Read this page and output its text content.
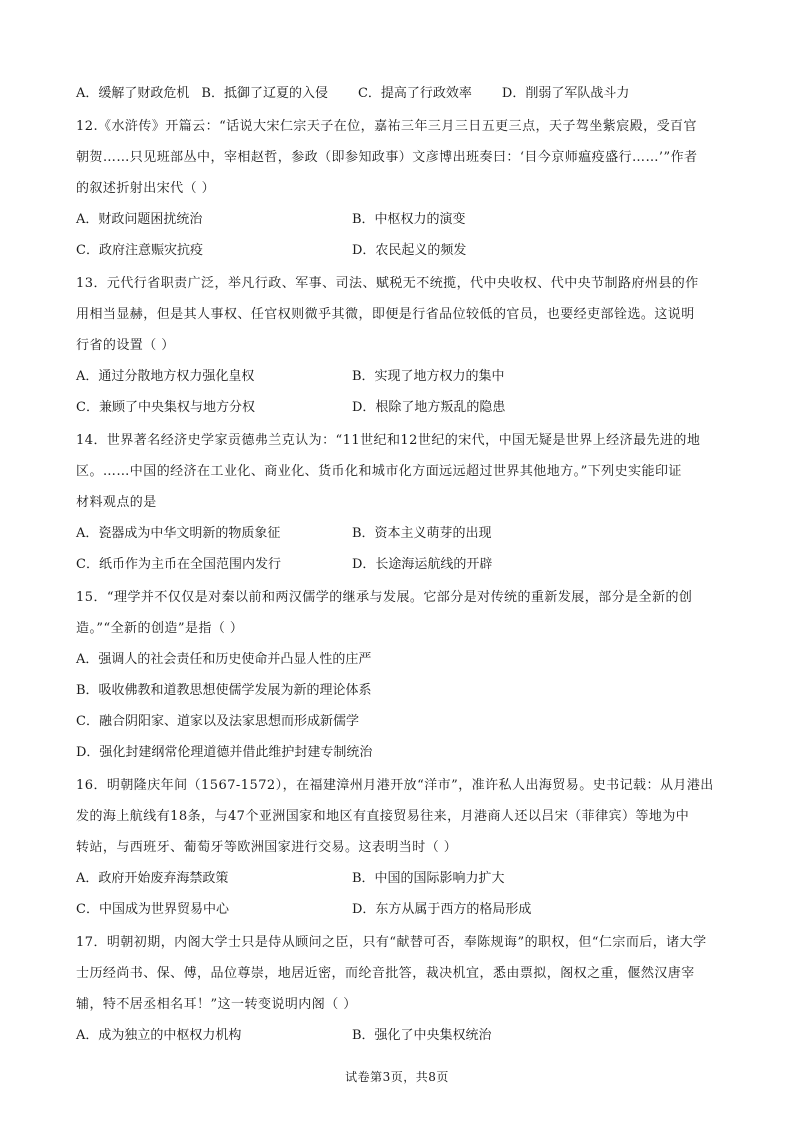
A．缓解了财政危机 B．抵御了辽夏的入侵 C．提高了行政效率 D．削弱了军队战斗力

12.《水浒传》开篇云：“话说大宋仁宗天子在位，嘉祐三年三月三日五更三点，天子驾坐紫宸殿，受百官

朝贺……只见班部丛中，宰相赵哲，参政（即参知政事）文彦博出班奏曰：‘目今京师瘟疫盛行……’”作者

的叙述折射出宋代（ ）

A．财政问题困扰统治	B．中枢权力的演变
C．政府注意赈灾抗疫	D．农民起义的频发

13．元代行省职责广泛，举凡行政、军事、司法、赋税无不统揽，代中央收权、代中央节制路府州县的作

用相当显赫，但是其人事权、任官权则微乎其微，即便是行省品位较低的官员，也要经吏部铨选。这说明

行省的设置（ ）

A．通过分散地方权力强化皇权	B．实现了地方权力的集中
C．兼顾了中央集权与地方分权	D．根除了地方叛乱的隐患

14．世界著名经济史学家贡德弗兰克认为：“11世纪和12世纪的宋代，中国无疑是世界上经济最先进的地

区。……中国的经济在工业化、商业化、货币化和城市化方面远远超过世界其他地方。”下列史实能印证

材料观点的是

A．瓷器成为中华文明新的物质象征	B．资本主义萌芽的出现
C．纸币作为主币在全国范围内发行	D．长途海运航线的开辟

15．“理学并不仅仅是对秦以前和两汉儒学的继承与发展。它部分是对传统的重新发展，部分是全新的创

造。”“全新的创造”是指（ ）

A．强调人的社会责任和历史使命并凸显人性的庄严
B．吸收佛教和道教思想使儒学发展为新的理论体系
C．融合阴阳家、道家以及法家思想而形成新儒学
D．强化封建纲常伦理道德并借此维护封建专制统治

16．明朝隆庆年间（1567-1572），在福建漳州月港开放“洋市”，准许私人出海贸易。史书记载：从月港出

发的海上航线有18条，与47个亚洲国家和地区有直接贸易往来，月港商人还以吕宋（菲律宾）等地为中

转站，与西班牙、葡萄牙等欧洲国家进行交易。这表明当时（ ）

A．政府开始废弃海禁政策	B．中国的国际影响力扩大
C．中国成为世界贸易中心	D．东方从属于西方的格局形成

17．明朝初期，内阁大学士只是侍从顾问之臣，只有“献替可否，奉陈规诲”的职权，但“仁宗而后，诸大学

士历经尚书、保、傅，品位尊崇，地居近密，而纶音批答，裁决机宜，悉由票拟，阁权之重，偃然汉唐宰

辅，特不居丞相名耳！”这一转变说明内阁（ ）

A．成为独立的中枢权力机构	B．强化了中央集权统治
试卷第3页，共8页
